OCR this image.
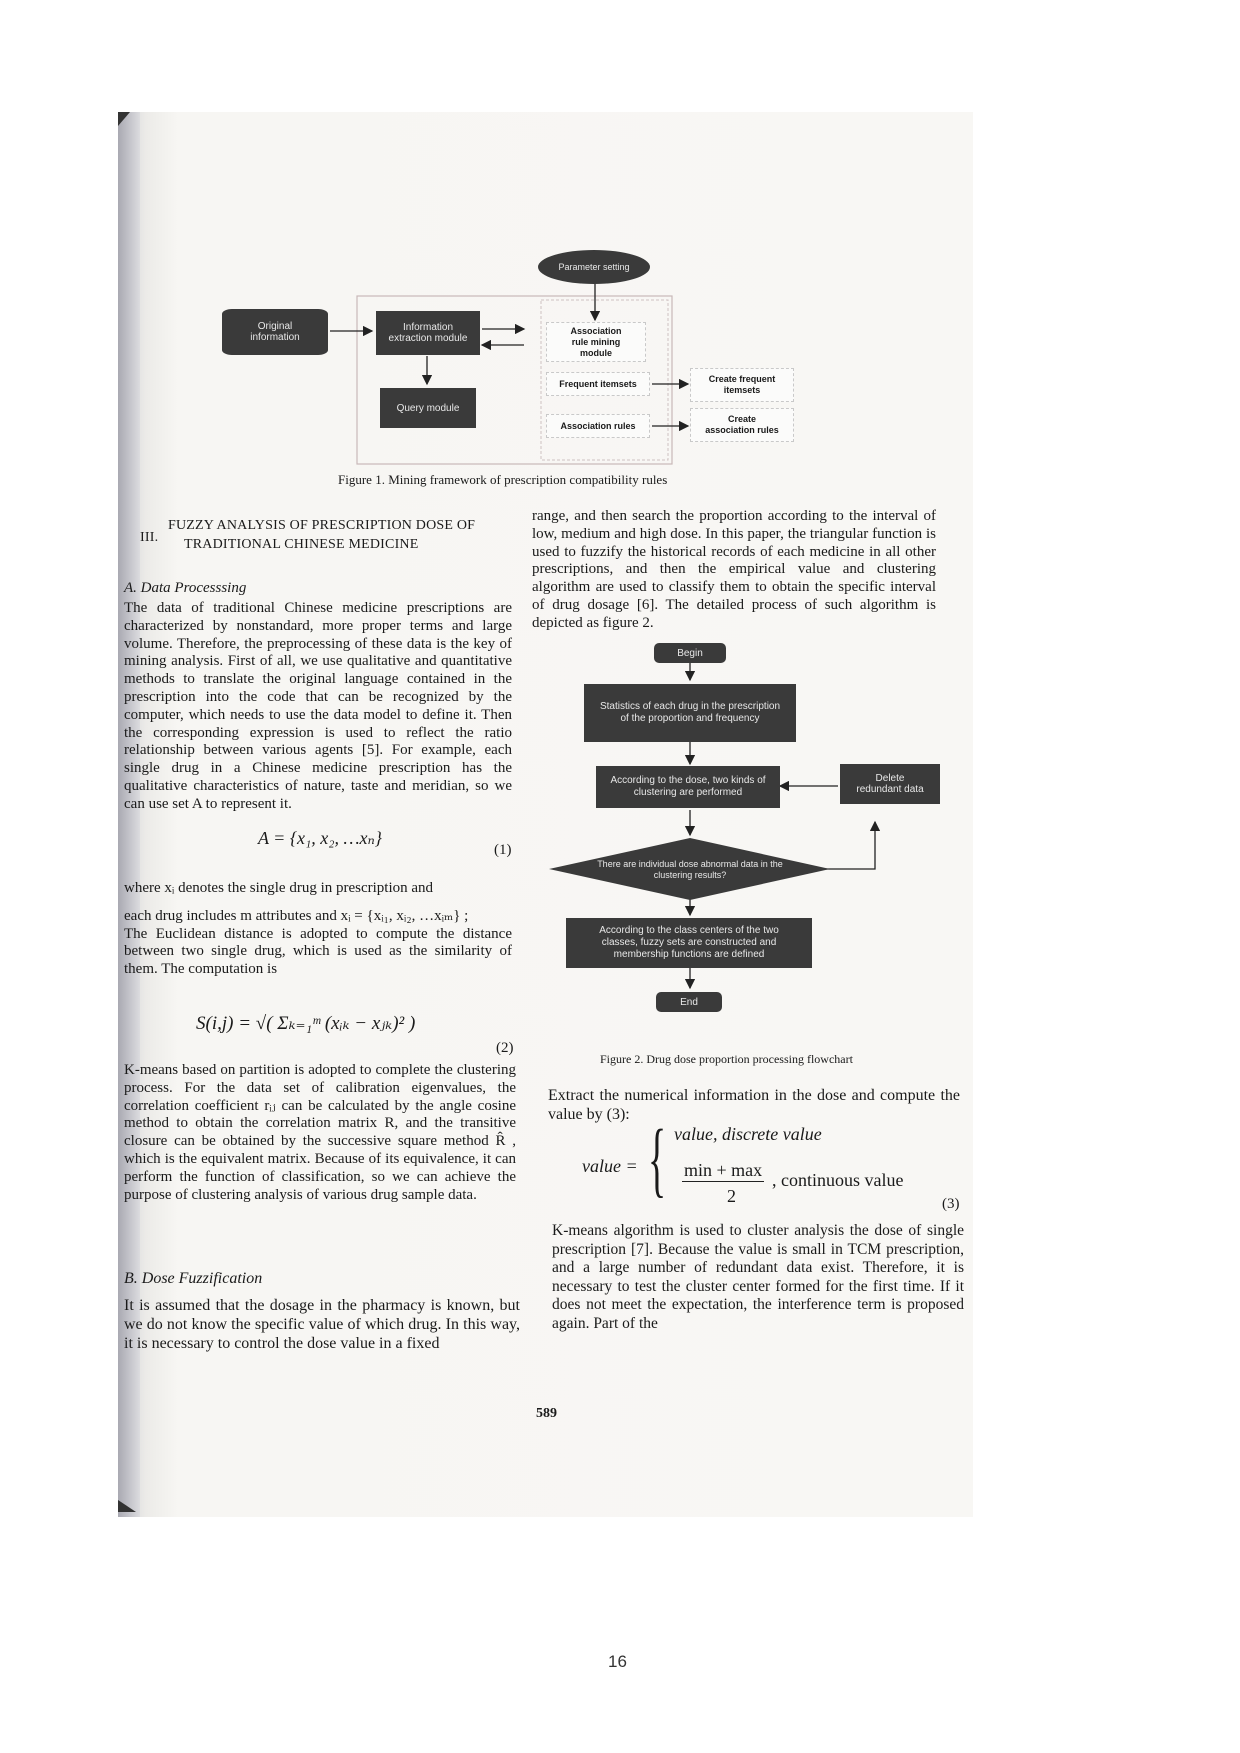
Parameter setting
Original information
Information extraction module
Query module
Association rule mining module
Frequent itemsets
Association rules
Create frequent itemsets
Create association rules
Figure 1. Mining framework of prescription compatibility rules
III.
FUZZY ANALYSIS OF PRESCRIPTION DOSE OF
TRADITIONAL CHINESE MEDICINE
A. Data Processsing

The data of traditional Chinese medicine prescriptions are characterized by nonstandard, more proper terms and large volume. Therefore, the preprocessing of these data is the key of mining analysis. First of all, we use qualitative and quantitative methods to translate the original language contained in the prescription into the code that can be recognized by the computer, which needs to use the data model to define it. Then the corresponding expression is used to reflect the ratio relationship between various agents [5]. For example, each single drug in a Chinese medicine prescription has the qualitative characteristics of nature, taste and meridian, so we can use set A to represent it.

A = {x₁, x₂, …xₙ}
(1)

where xᵢ denotes the single drug in prescription and

each drug includes m attributes and xᵢ = {xᵢ₁, xᵢ₂, …xᵢₘ} ;

The Euclidean distance is adopted to compute the distance between two single drug, which is used as the similarity of them. The computation is

S(i,j) = √( Σₖ₌₁ᵐ (xᵢₖ − xⱼₖ)² )
(2)

K-means based on partition is adopted to complete the clustering process. For the data set of calibration eigenvalues, the correlation coefficient rᵢⱼ can be calculated by the angle cosine method to obtain the correlation matrix R, and the transitive closure can be obtained by the successive square method R̂ , which is the equivalent matrix. Because of its equivalence, it can perform the function of classification, so we can achieve the purpose of clustering analysis of various drug sample data.

B. Dose Fuzzification

It is assumed that the dosage in the pharmacy is known, but we do not know the specific value of which drug. In this way, it is necessary to control the dose value in a fixed

range, and then search the proportion according to the interval of low, medium and high dose. In this paper, the triangular function is used to fuzzify the historical records of each medicine in all other prescriptions, and then the empirical value and clustering algorithm are used to classify them to obtain the specific interval of drug dosage [6]. The detailed process of such algorithm is depicted as figure 2.

Begin
Statistics of each drug in the prescription of the proportion and frequency
According to the dose, two kinds of clustering are performed
Delete redundant data
There are individual dose abnormal data in the clustering results?
According to the class centers of the two classes, fuzzy sets are constructed and membership functions are defined
End
Figure 2. Drug dose proportion processing flowchart

Extract the numerical information in the dose and compute the value by (3):

value = { value, discrete value
min + max
2
, continuous value
(3)

K-means algorithm is used to cluster analysis the dose of single prescription [7]. Because the value is small in TCM prescription, and a large number of redundant data exist. Therefore, it is necessary to test the cluster center formed for the first time. If it does not meet the expectation, the interference term is proposed again. Part of the

589
16
